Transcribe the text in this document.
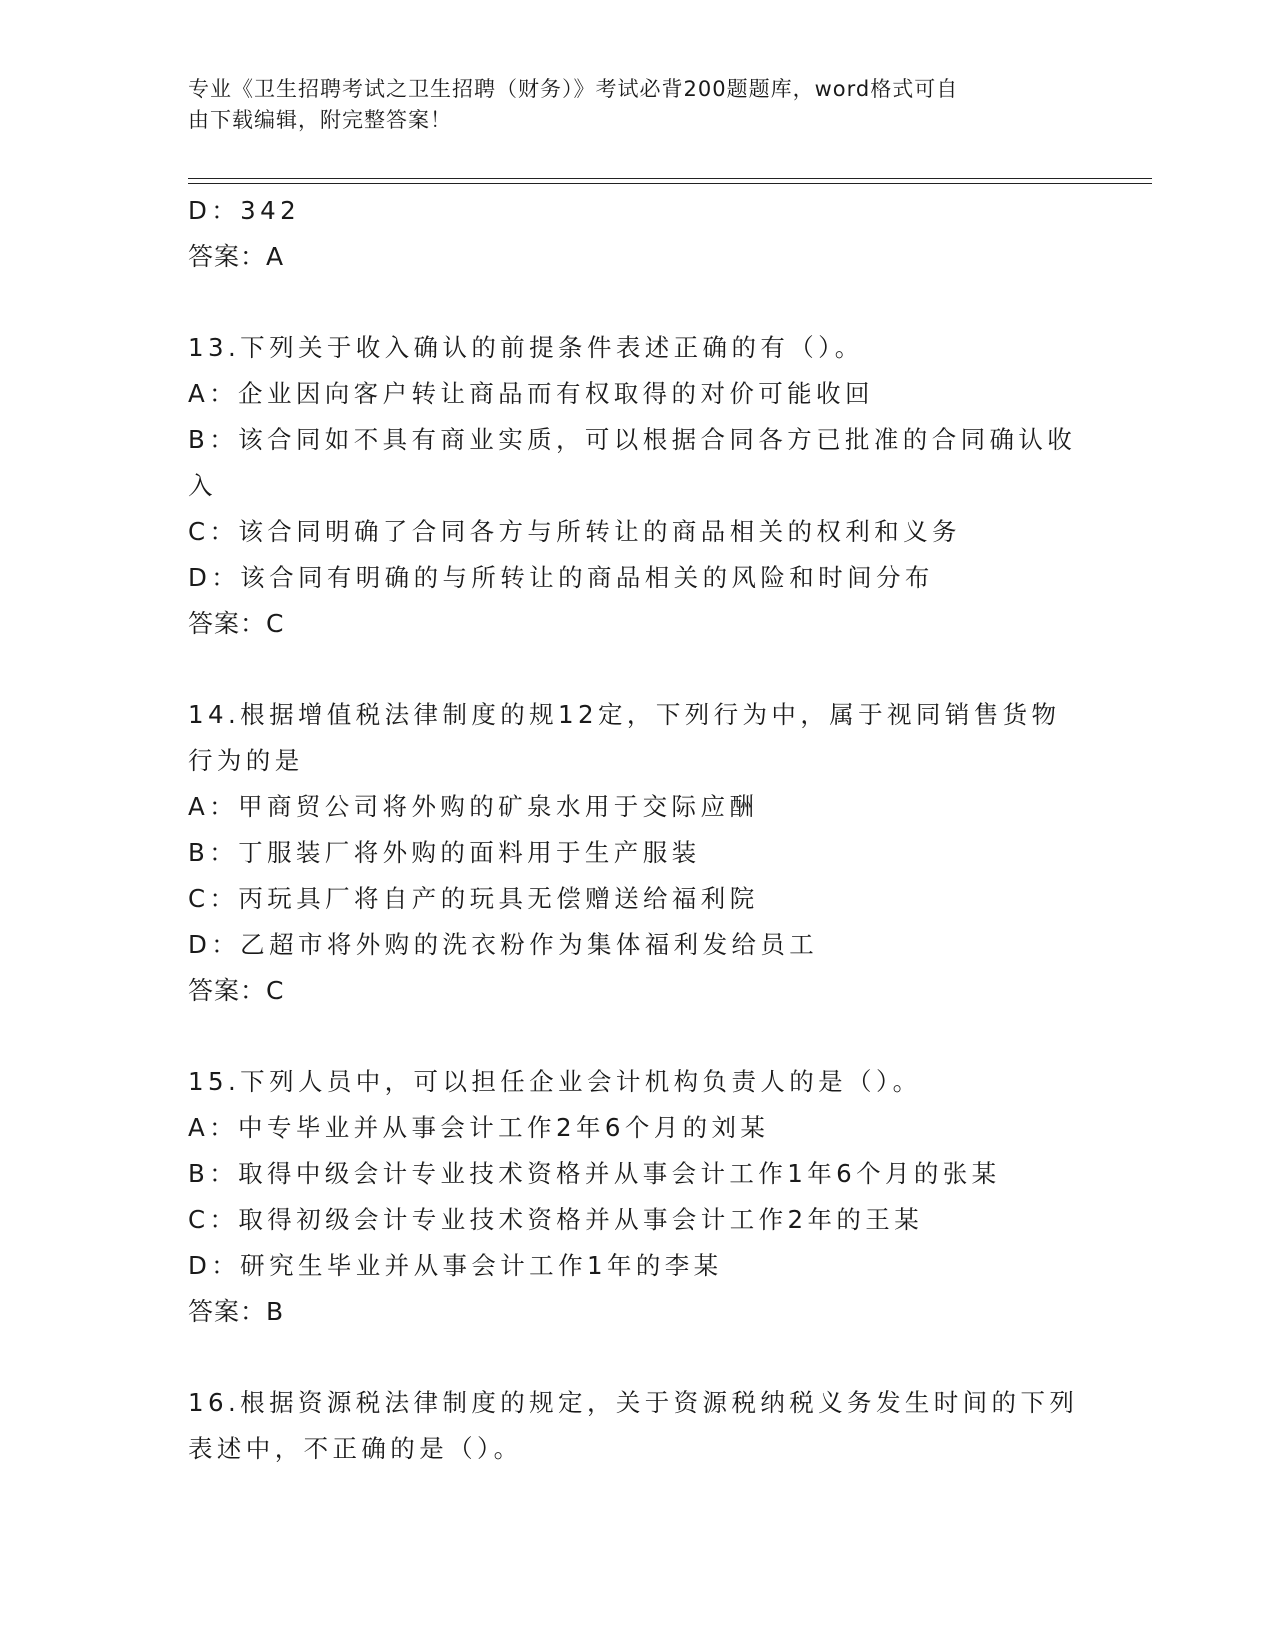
专业《卫生招聘考试之卫生招聘（财务）》考试必背200题题库，word格式可自
由下载编辑，附完整答案！
D：342
答案：A
13.下列关于收入确认的前提条件表述正确的有（）。
A：企业因向客户转让商品而有权取得的对价可能收回
B：该合同如不具有商业实质，可以根据合同各方已批准的合同确认收
入
C：该合同明确了合同各方与所转让的商品相关的权利和义务
D：该合同有明确的与所转让的商品相关的风险和时间分布
答案：C
14.根据增值税法律制度的规12定，下列行为中，属于视同销售货物
行为的是
A：甲商贸公司将外购的矿泉水用于交际应酬
B：丁服装厂将外购的面料用于生产服装
C：丙玩具厂将自产的玩具无偿赠送给福利院
D：乙超市将外购的洗衣粉作为集体福利发给员工
答案：C
15.下列人员中，可以担任企业会计机构负责人的是（）。
A：中专毕业并从事会计工作2年6个月的刘某
B：取得中级会计专业技术资格并从事会计工作1年6个月的张某
C：取得初级会计专业技术资格并从事会计工作2年的王某
D：研究生毕业并从事会计工作1年的李某
答案：B
16.根据资源税法律制度的规定，关于资源税纳税义务发生时间的下列
表述中，不正确的是（）。
